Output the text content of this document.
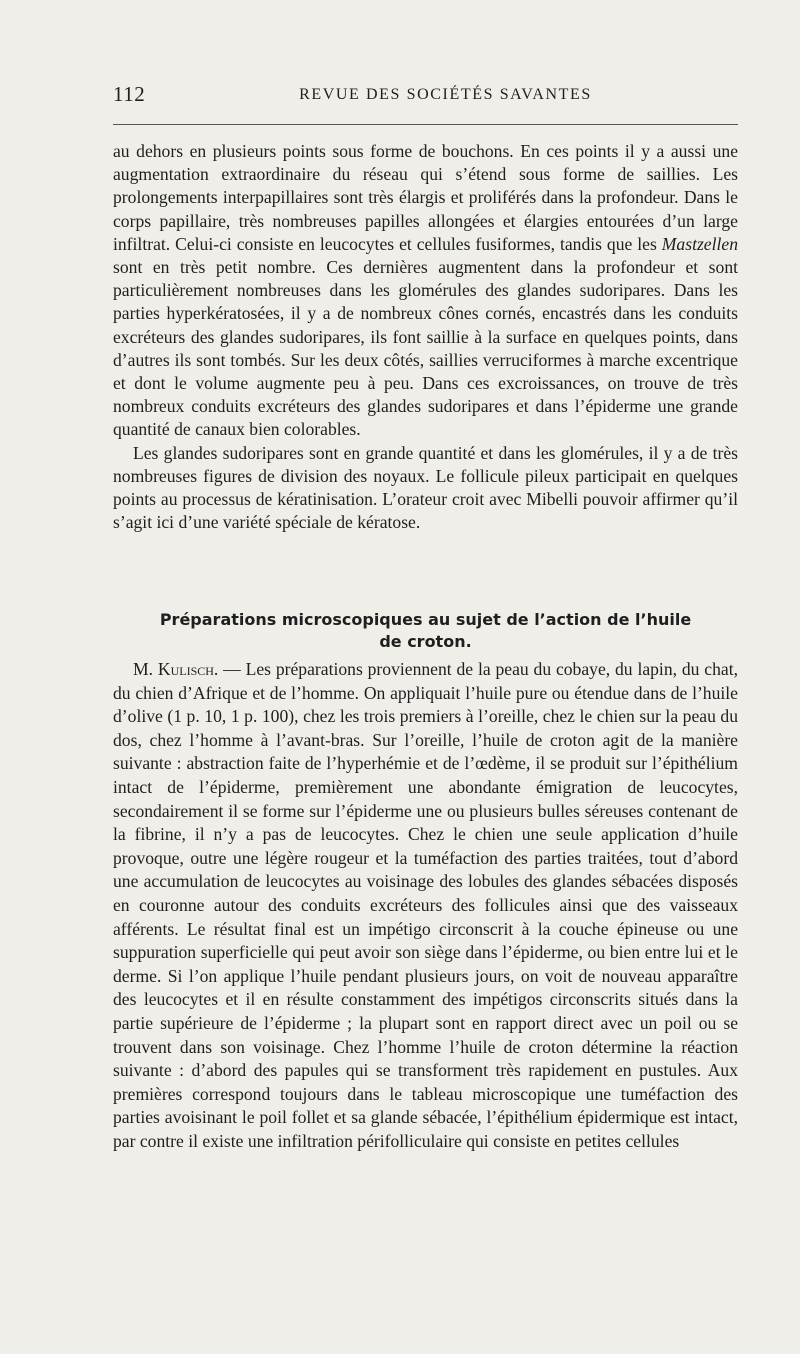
112	REVUE DES SOCIÉTÉS SAVANTES

au dehors en plusieurs points sous forme de bouchons. En ces points il y a aussi une augmentation extraordinaire du réseau qui s’étend sous forme de saillies. Les prolongements interpapillaires sont très élargis et proliférés dans la profondeur. Dans le corps papillaire, très nombreuses papilles allongées et élargies entourées d’un large infiltrat. Celui-ci consiste en leucocytes et cellules fusiformes, tandis que les Mastzellen sont en très petit nombre. Ces dernières augmentent dans la profondeur et sont particulièrement nombreuses dans les glomérules des glandes sudoripares. Dans les parties hyperkératosées, il y a de nombreux cônes cornés, encastrés dans les conduits excréteurs des glandes sudoripares, ils font saillie à la surface en quelques points, dans d’autres ils sont tombés. Sur les deux côtés, saillies verruciformes à marche excentrique et dont le volume augmente peu à peu. Dans ces excroissances, on trouve de très nombreux conduits excréteurs des glandes sudoripares et dans l’épiderme une grande quantité de canaux bien colorables.

Les glandes sudoripares sont en grande quantité et dans les glomérules, il y a de très nombreuses figures de division des noyaux. Le follicule pileux participait en quelques points au processus de kératinisation. L’orateur croit avec Mibelli pouvoir affirmer qu’il s’agit ici d’une variété spéciale de kératose.

Préparations microscopiques au sujet de l’action de l’huile
de croton.

M. Kulisch. — Les préparations proviennent de la peau du cobaye, du lapin, du chat, du chien d’Afrique et de l’homme. On appliquait l’huile pure ou étendue dans de l’huile d’olive (1 p. 10, 1 p. 100), chez les trois premiers à l’oreille, chez le chien sur la peau du dos, chez l’homme à l’avant-bras. Sur l’oreille, l’huile de croton agit de la manière suivante : abstraction faite de l’hyperhémie et de l’œdème, il se produit sur l’épithélium intact de l’épiderme, premièrement une abondante émigration de leucocytes, secondairement il se forme sur l’épiderme une ou plusieurs bulles séreuses contenant de la fibrine, il n’y a pas de leucocytes. Chez le chien une seule application d’huile provoque, outre une légère rougeur et la tuméfaction des parties traitées, tout d’abord une accumulation de leucocytes au voisinage des lobules des glandes sébacées disposés en couronne autour des conduits excréteurs des follicules ainsi que des vaisseaux afférents. Le résultat final est un impétigo circonscrit à la couche épineuse ou une suppuration superficielle qui peut avoir son siège dans l’épiderme, ou bien entre lui et le derme. Si l’on applique l’huile pendant plusieurs jours, on voit de nouveau apparaître des leucocytes et il en résulte constamment des impétigos circonscrits situés dans la partie supérieure de l’épiderme ; la plupart sont en rapport direct avec un poil ou se trouvent dans son voisinage. Chez l’homme l’huile de croton détermine la réaction suivante : d’abord des papules qui se transforment très rapidement en pustules. Aux premières correspond toujours dans le tableau microscopique une tuméfaction des parties avoisinant le poil follet et sa glande sébacée, l’épithélium épidermique est intact, par contre il existe une infiltration périfolliculaire qui consiste en petites cellules
